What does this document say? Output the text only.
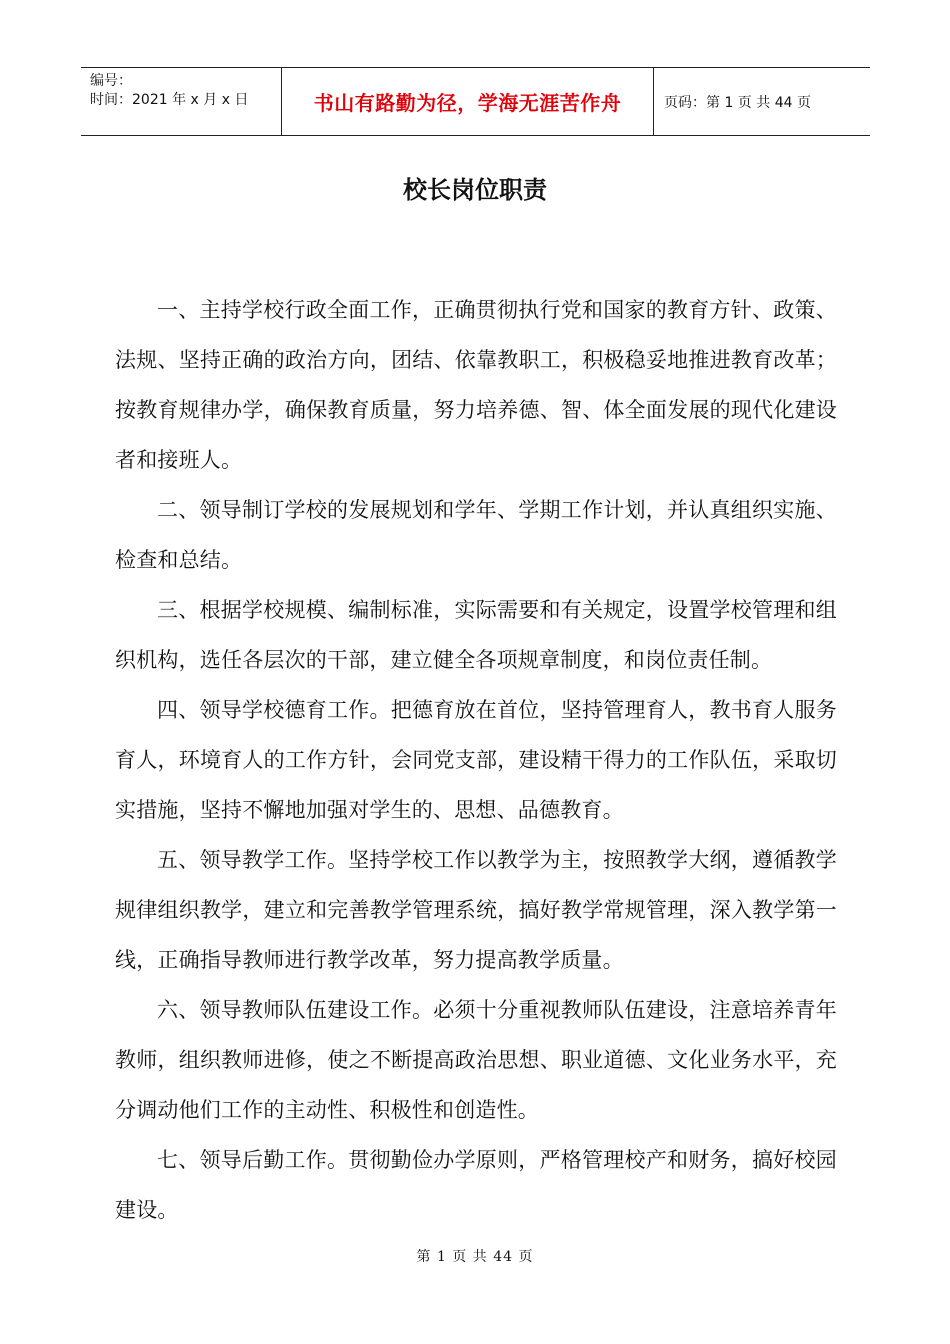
编号：
时间：2021 年 x 月 x 日	书山有路勤为径，学海无涯苦作舟	页码：第 1 页 共 44 页
校长岗位职责

一、主持学校行政全面工作，正确贯彻执行党和国家的教育方针、政策、法规、坚持正确的政治方向，团结、依靠教职工，积极稳妥地推进教育改革；按教育规律办学，确保教育质量，努力培养德、智、体全面发展的现代化建设者和接班人。

二、领导制订学校的发展规划和学年、学期工作计划，并认真组织实施、检查和总结。

三、根据学校规模、编制标准，实际需要和有关规定，设置学校管理和组织机构，选任各层次的干部，建立健全各项规章制度，和岗位责任制。

四、领导学校德育工作。把德育放在首位，坚持管理育人，教书育人服务育人，环境育人的工作方针，会同党支部，建设精干得力的工作队伍，采取切实措施，坚持不懈地加强对学生的、思想、品德教育。

五、领导教学工作。坚持学校工作以教学为主，按照教学大纲，遵循教学规律组织教学，建立和完善教学管理系统，搞好教学常规管理，深入教学第一线，正确指导教师进行教学改革，努力提高教学质量。

六、领导教师队伍建设工作。必须十分重视教师队伍建设，注意培养青年教师，组织教师进修，使之不断提高政治思想、职业道德、文化业务水平，充分调动他们工作的主动性、积极性和创造性。

七、领导后勤工作。贯彻勤俭办学原则，严格管理校产和财务，搞好校园建设。

第 1 页 共 44 页
